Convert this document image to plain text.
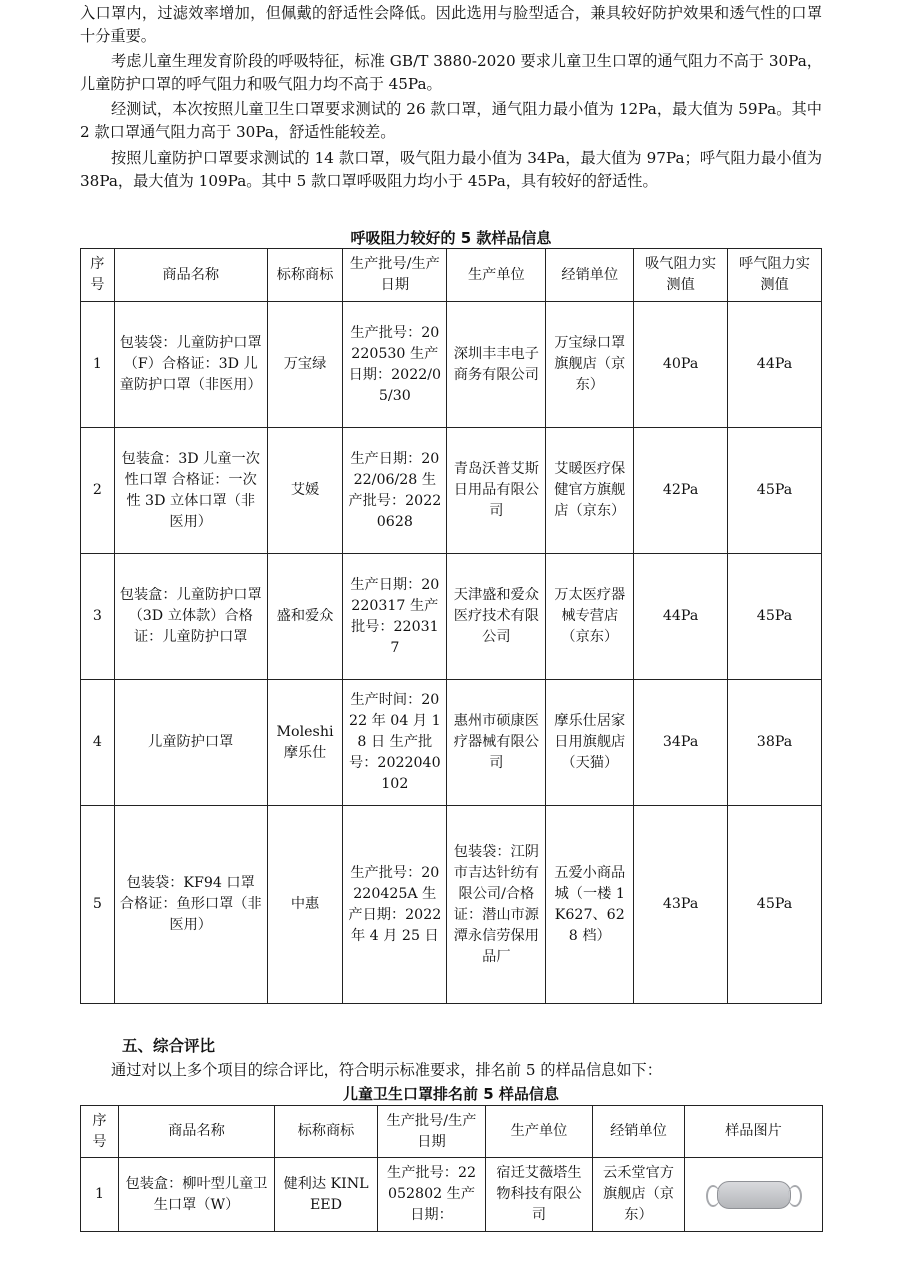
入口罩内，过滤效率增加，但佩戴的舒适性会降低。因此选用与脸型适合，兼具较好防护效果和透气性的口罩十分重要。

考虑儿童生理发育阶段的呼吸特征，标准 GB/T 3880-2020 要求儿童卫生口罩的通气阻力不高于 30Pa，儿童防护口罩的呼气阻力和吸气阻力均不高于 45Pa。

经测试，本次按照儿童卫生口罩要求测试的 26 款口罩，通气阻力最小值为 12Pa，最大值为 59Pa。其中 2 款口罩通气阻力高于 30Pa，舒适性能较差。

按照儿童防护口罩要求测试的 14 款口罩，吸气阻力最小值为 34Pa，最大值为 97Pa；呼气阻力最小值为 38Pa，最大值为 109Pa。其中 5 款口罩呼吸阻力均小于 45Pa，具有较好的舒适性。

呼吸阻力较好的 5 款样品信息
序号	商品名称	标称商标	生产批号/生产日期	生产单位	经销单位	吸气阻力实测值	呼气阻力实测值
1	包装袋：儿童防护口罩（F）合格证：3D 儿童防护口罩（非医用）	万宝绿	生产批号：20220530 生产日期：2022/05/30	深圳丰丰电子商务有限公司	万宝绿口罩旗舰店（京东）	40Pa	44Pa
2	包装盒：3D 儿童一次性口罩 合格证：一次性 3D 立体口罩（非医用）	艾媛	生产日期：2022/06/28 生产批号：20220628	青岛沃普艾斯日用品有限公司	艾暖医疗保健官方旗舰店（京东）	42Pa	45Pa
3	包装盒：儿童防护口罩（3D 立体款）合格证：儿童防护口罩	盛和爱众	生产日期：20220317 生产批号：220317	天津盛和爱众医疗技术有限公司	万太医疗器械专营店（京东）	44Pa	45Pa
4	儿童防护口罩	Moleshi 摩乐仕	生产时间：2022 年 04 月 18 日 生产批号：2022040102	惠州市硕康医疗器械有限公司	摩乐仕居家日用旗舰店（天猫）	34Pa	38Pa
5	包装袋：KF94 口罩 合格证：鱼形口罩（非医用）	中惠	生产批号：20220425A 生产日期：2022 年 4 月 25 日	包装袋：江阴市吉达针纺有限公司/合格证：潜山市源潭永信劳保用品厂	五爱小商品城（一楼 1K627、628 档）	43Pa	45Pa
五、综合评比

通过对以上多个项目的综合评比，符合明示标准要求，排名前 5 的样品信息如下：

儿童卫生口罩排名前 5 样品信息
序号	商品名称	标称商标	生产批号/生产日期	生产单位	经销单位	样品图片
1	包装盒：柳叶型儿童卫生口罩（W）	健利达 KINLEED	生产批号：22052802 生产日期：	宿迁艾薇塔生物科技有限公司	云禾堂官方旗舰店（京东）	
